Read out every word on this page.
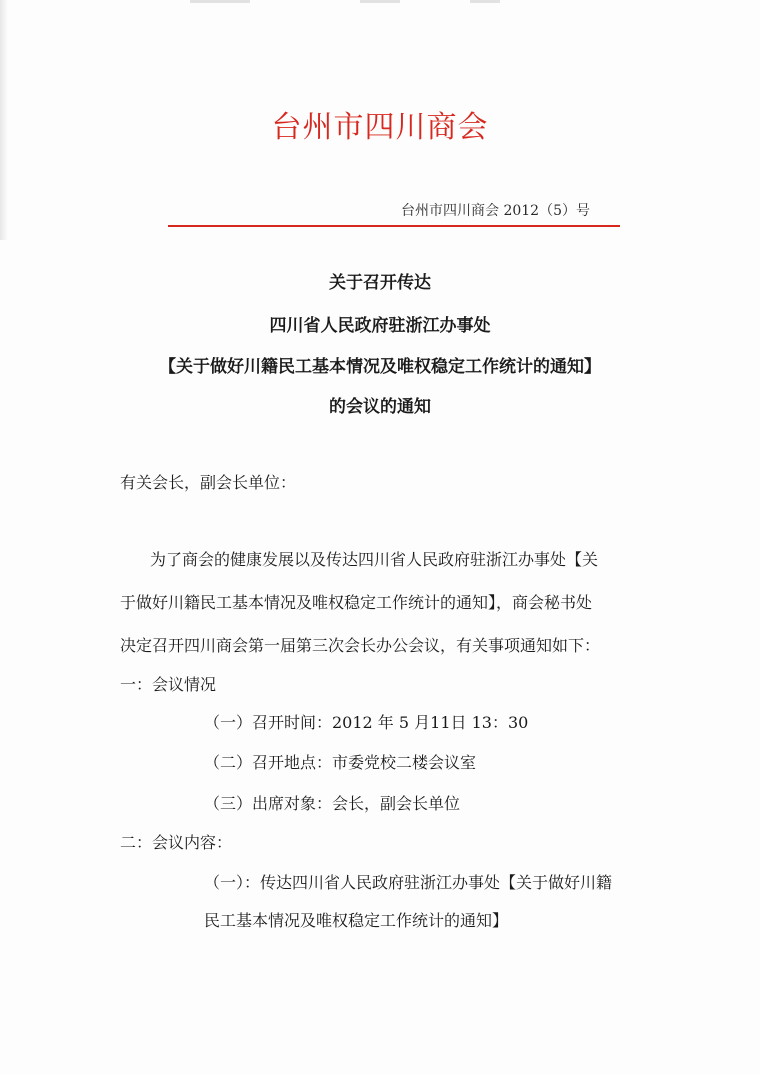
台州市四川商会
台州市四川商会 2012（5）号
关于召开传达
四川省人民政府驻浙江办事处
【关于做好川籍民工基本情况及唯权稳定工作统计的通知】
的会议的通知
有关会长，副会长单位：
为了商会的健康发展以及传达四川省人民政府驻浙江办事处【关
于做好川籍民工基本情况及唯权稳定工作统计的通知】，商会秘书处
决定召开四川商会第一届第三次会长办公会议，有关事项通知如下：
一：会议情况
（一）召开时间：2012 年 5 月11日 13：30
（二）召开地点：市委党校二楼会议室
（三）出席对象：会长，副会长单位
二：会议内容：
（一）：传达四川省人民政府驻浙江办事处【关于做好川籍
民工基本情况及唯权稳定工作统计的通知】
